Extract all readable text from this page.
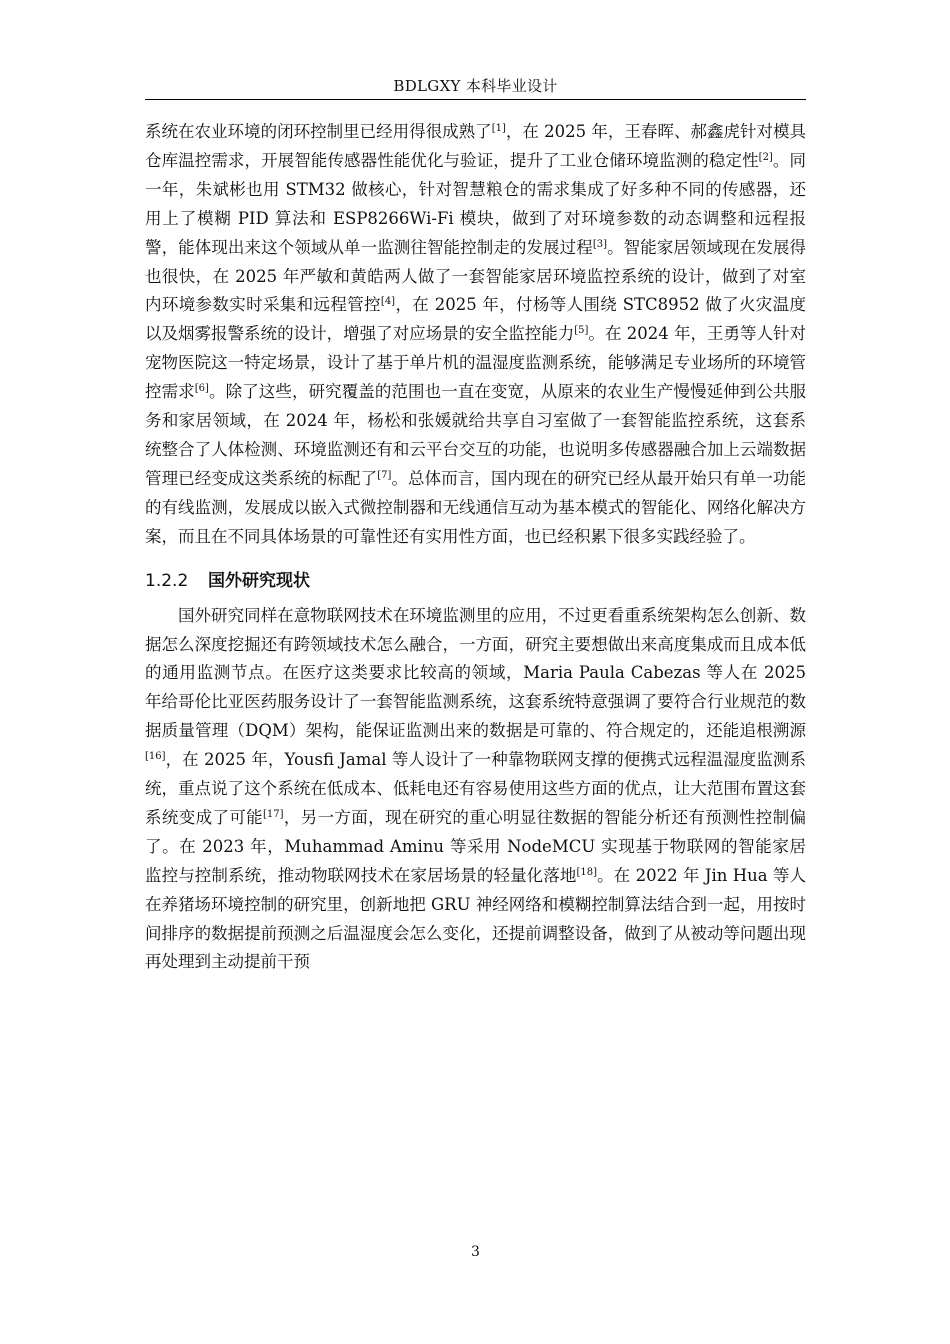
BDLGXY 本科毕业设计

系统在农业环境的闭环控制里已经用得很成熟了[1]，在 2025 年，王春晖、郝鑫虎针对模具仓库温控需求，开展智能传感器性能优化与验证，提升了工业仓储环境监测的稳定性[2]。同一年，朱斌彬也用 STM32 做核心，针对智慧粮仓的需求集成了好多种不同的传感器，还用上了模糊 PID 算法和 ESP8266Wi-Fi 模块，做到了对环境参数的动态调整和远程报警，能体现出来这个领域从单一监测往智能控制走的发展过程[3]。智能家居领域现在发展得也很快，在 2025 年严敏和黄皓两人做了一套智能家居环境监控系统的设计，做到了对室内环境参数实时采集和远程管控[4]，在 2025 年，付杨等人围绕 STC8952 做了火灾温度以及烟雾报警系统的设计，增强了对应场景的安全监控能力[5]。在 2024 年，王勇等人针对宠物医院这一特定场景，设计了基于单片机的温湿度监测系统，能够满足专业场所的环境管控需求[6]。除了这些，研究覆盖的范围也一直在变宽，从原来的农业生产慢慢延伸到公共服务和家居领域，在 2024 年，杨松和张媛就给共享自习室做了一套智能监控系统，这套系统整合了人体检测、环境监测还有和云平台交互的功能，也说明多传感器融合加上云端数据管理已经变成这类系统的标配了[7]。总体而言，国内现在的研究已经从最开始只有单一功能的有线监测，发展成以嵌入式微控制器和无线通信互动为基本模式的智能化、网络化解决方案，而且在不同具体场景的可靠性还有实用性方面，也已经积累下很多实践经验了。

1.2.2 国外研究现状

国外研究同样在意物联网技术在环境监测里的应用，不过更看重系统架构怎么创新、数据怎么深度挖掘还有跨领域技术怎么融合，一方面，研究主要想做出来高度集成而且成本低的通用监测节点。在医疗这类要求比较高的领域，Maria Paula Cabezas 等人在 2025 年给哥伦比亚医药服务设计了一套智能监测系统，这套系统特意强调了要符合行业规范的数据质量管理（DQM）架构，能保证监测出来的数据是可靠的、符合规定的，还能追根溯源[16]，在 2025 年，Yousfi Jamal 等人设计了一种靠物联网支撑的便携式远程温湿度监测系统，重点说了这个系统在低成本、低耗电还有容易使用这些方面的优点，让大范围布置这套系统变成了可能[17]，另一方面，现在研究的重心明显往数据的智能分析还有预测性控制偏了。在 2023 年，Muhammad Aminu 等采用 NodeMCU 实现基于物联网的智能家居监控与控制系统，推动物联网技术在家居场景的轻量化落地[18]。在 2022 年 Jin Hua 等人在养猪场环境控制的研究里，创新地把 GRU 神经网络和模糊控制算法结合到一起，用按时间排序的数据提前预测之后温湿度会怎么变化，还提前调整设备，做到了从被动等问题出现再处理到主动提前干预

3
